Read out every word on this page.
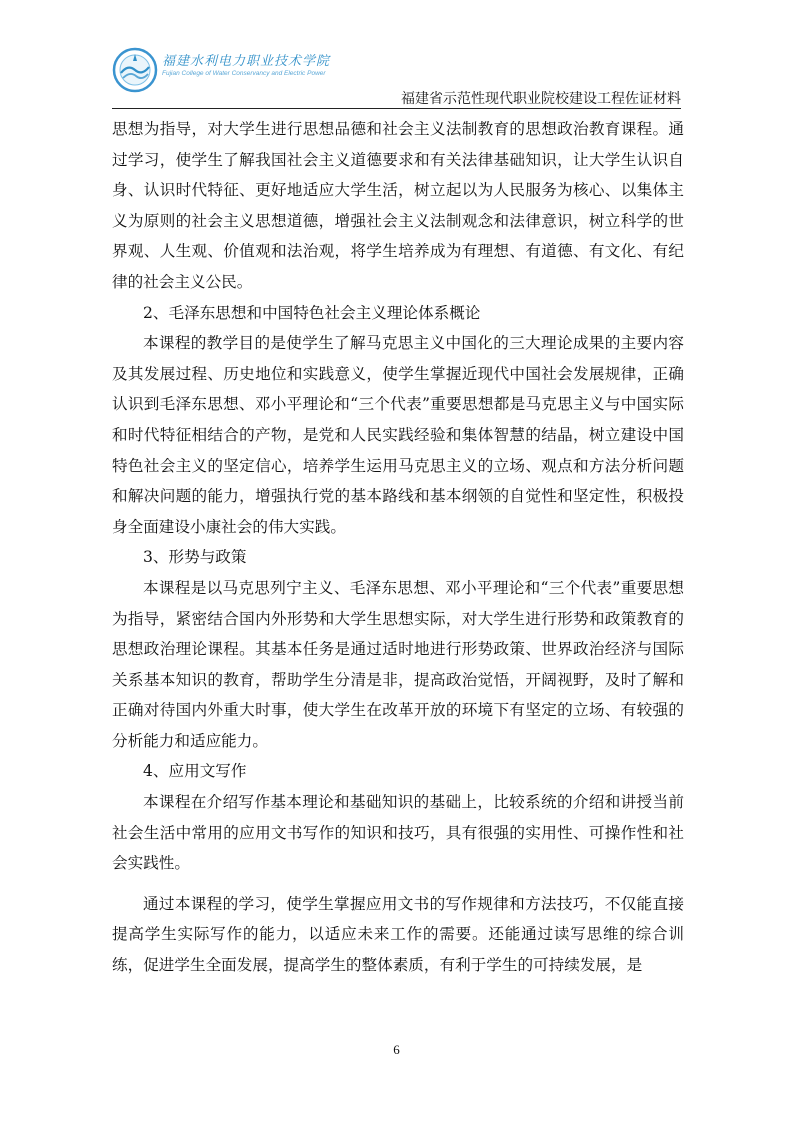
福建水利电力职业技术学院
Fujian College of Water Conservancy and Electric Power
福建省示范性现代职业院校建设工程佐证材料

思想为指导，对大学生进行思想品德和社会主义法制教育的思想政治教育课程。通过学习，使学生了解我国社会主义道德要求和有关法律基础知识，让大学生认识自身、认识时代特征、更好地适应大学生活，树立起以为人民服务为核心、以集体主义为原则的社会主义思想道德，增强社会主义法制观念和法律意识，树立科学的世界观、人生观、价值观和法治观，将学生培养成为有理想、有道德、有文化、有纪律的社会主义公民。

2、毛泽东思想和中国特色社会主义理论体系概论

本课程的教学目的是使学生了解马克思主义中国化的三大理论成果的主要内容及其发展过程、历史地位和实践意义，使学生掌握近现代中国社会发展规律，正确认识到毛泽东思想、邓小平理论和“三个代表”重要思想都是马克思主义与中国实际和时代特征相结合的产物，是党和人民实践经验和集体智慧的结晶，树立建设中国特色社会主义的坚定信心，培养学生运用马克思主义的立场、观点和方法分析问题和解决问题的能力，增强执行党的基本路线和基本纲领的自觉性和坚定性，积极投身全面建设小康社会的伟大实践。

3、形势与政策

本课程是以马克思列宁主义、毛泽东思想、邓小平理论和“三个代表”重要思想为指导，紧密结合国内外形势和大学生思想实际，对大学生进行形势和政策教育的思想政治理论课程。其基本任务是通过适时地进行形势政策、世界政治经济与国际关系基本知识的教育，帮助学生分清是非，提高政治觉悟，开阔视野，及时了解和正确对待国内外重大时事，使大学生在改革开放的环境下有坚定的立场、有较强的分析能力和适应能力。

4、应用文写作

本课程在介绍写作基本理论和基础知识的基础上，比较系统的介绍和讲授当前社会生活中常用的应用文书写作的知识和技巧，具有很强的实用性、可操作性和社会实践性。

通过本课程的学习，使学生掌握应用文书的写作规律和方法技巧，不仅能直接提高学生实际写作的能力，以适应未来工作的需要。还能通过读写思维的综合训练，促进学生全面发展，提高学生的整体素质，有利于学生的可持续发展，是

6
